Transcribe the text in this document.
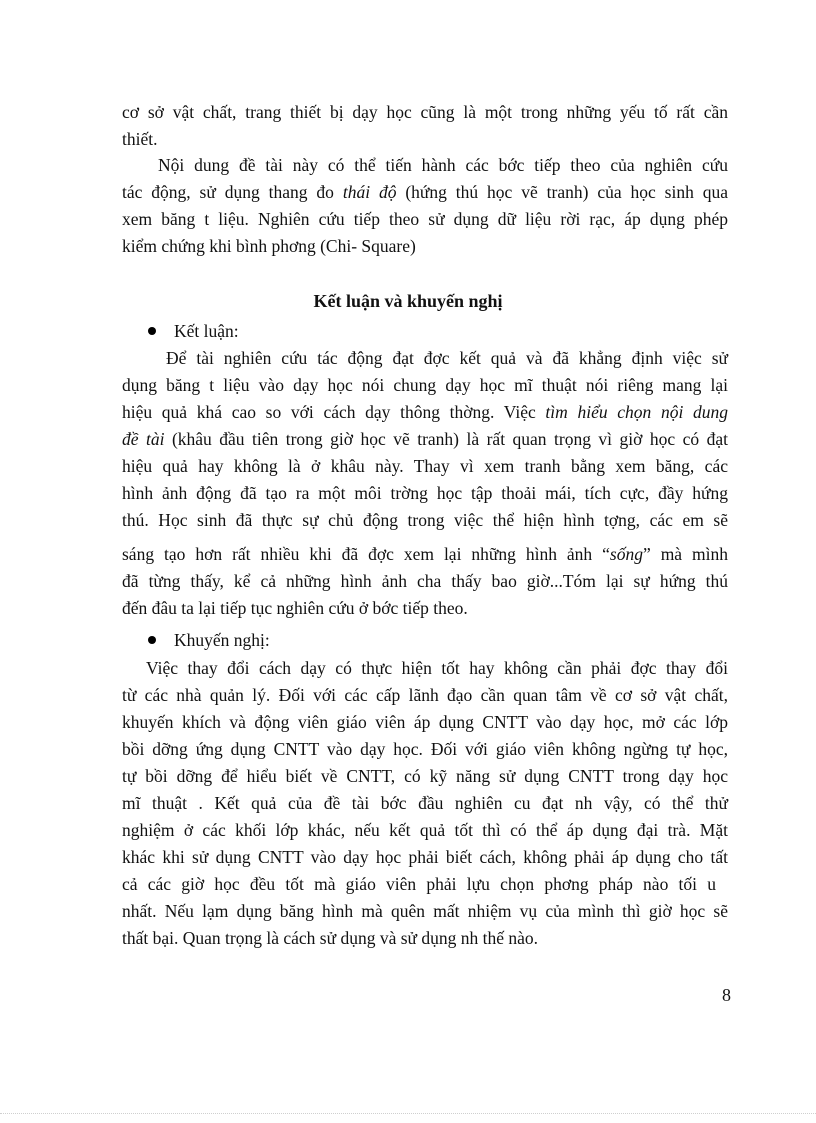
cơ sở vật chất, trang thiết bị dạy học cũng là một trong những yếu tố rất cần
thiết.
Nội dung đề tài này có thể tiến hành các bớc tiếp theo của nghiên cứu
tác động, sử dụng thang đo thái độ (hứng thú học vẽ tranh) của học sinh qua
xem băng t liệu. Nghiên cứu tiếp theo sử dụng dữ liệu rời rạc, áp dụng phép
kiểm chứng khi bình phơng (Chi- Square)
Kết luận và khuyến nghị
Kết luận:
Để tài nghiên cứu tác động đạt đợc kết quả và đã khẳng định việc sử
dụng băng t liệu vào dạy học nói chung dạy học mĩ thuật nói riêng mang lại
hiệu quả khá cao so với cách dạy thông thờng. Việc tìm hiểu chọn nội dung
đề tài (khâu đầu tiên trong giờ học vẽ tranh) là rất quan trọng vì giờ học có đạt
hiệu quả hay không là ở khâu này. Thay vì xem tranh bằng xem băng, các
hình ảnh động đã tạo ra một môi trờng học tập thoải mái, tích cực, đầy hứng
thú. Học sinh đã thực sự chủ động trong việc thể hiện hình tợng, các em sẽ
sáng tạo hơn rất nhiều khi đã đợc xem lại những hình ảnh “sống” mà mình
đã từng thấy, kể cả những hình ảnh cha thấy bao giờ...Tóm lại sự hứng thú
đến đâu ta lại tiếp tục nghiên cứu ở bớc tiếp theo.
Khuyến nghị:
Việc thay đổi cách dạy có thực hiện tốt hay không cần phải đợc thay đổi
từ các nhà quản lý. Đối với các cấp lãnh đạo cần quan tâm về cơ sở vật chất,
khuyến khích và động viên giáo viên áp dụng CNTT vào dạy học, mở các lớp
bồi dỡng ứng dụng CNTT vào dạy học. Đối với giáo viên không ngừng tự học,
tự bồi dỡng để hiểu biết về CNTT, có kỹ năng sử dụng CNTT trong dạy học
mĩ thuật . Kết quả của đề tài bớc đầu nghiên cu đạt nh vậy, có thể thử
nghiệm ở các khối lớp khác, nếu kết quả tốt thì có thể áp dụng đại trà. Mặt
khác khi sử dụng CNTT vào dạy học phải biết cách, không phải áp dụng cho tất
cả các giờ học đều tốt mà giáo viên phải lựu chọn phơng pháp nào tối u
nhất. Nếu lạm dụng băng hình mà quên mất nhiệm vụ của mình thì giờ học sẽ
thất bại. Quan trọng là cách sử dụng và sử dụng nh thế nào.
8
